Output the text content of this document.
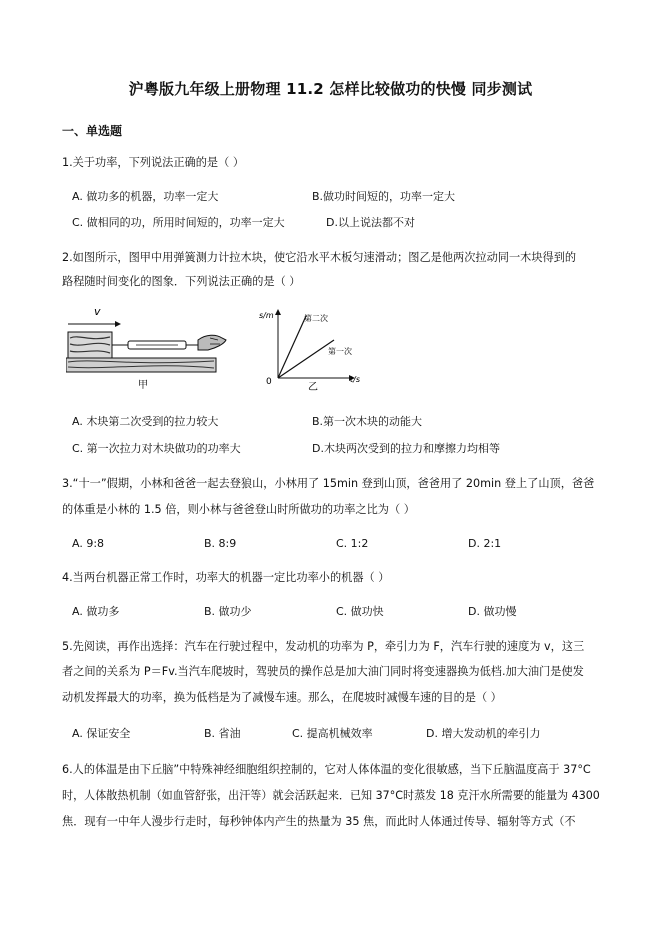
沪粤版九年级上册物理 11.2 怎样比较做功的快慢 同步测试
一、单选题
1.关于功率，下列说法正确的是（ ）
A. 做功多的机器，功率一定大	B.做功时间短的，功率一定大
C. 做相同的功，所用时间短的，功率一定大	D.以上说法都不对
2.如图所示，图甲中用弹簧测力计拉木块，使它沿水平木板匀速滑动；图乙是他两次拉动同一木块得到的
路程随时间变化的图象．下列说法正确的是（ ）
v
甲
s/m
t/s
0
第二次
第一次
乙
A. 木块第二次受到的拉力较大	B.第一次木块的动能大
C. 第一次拉力对木块做功的功率大	D.木块两次受到的拉力和摩擦力均相等
3.“十一”假期，小林和爸爸一起去登狼山，小林用了 15min 登到山顶，爸爸用了 20min 登上了山顶，爸爸
的体重是小林的 1.5 倍，则小林与爸爸登山时所做功的功率之比为（ ）
A. 9:8	B. 8:9	C. 1:2	D. 2:1
4.当两台机器正常工作时，功率大的机器一定比功率小的机器（ ）
A. 做功多	B. 做功少	C. 做功快	D. 做功慢
5.先阅读，再作出选择：汽车在行驶过程中，发动机的功率为 P，牵引力为 F，汽车行驶的速度为 v，这三
者之间的关系为 P＝Fv.当汽车爬坡时，驾驶员的操作总是加大油门同时将变速器换为低档.加大油门是使发
动机发挥最大的功率，换为低档是为了减慢车速。那么，在爬坡时减慢车速的目的是（ ）
A. 保证安全	B. 省油	C. 提高机械效率	D. 增大发动机的牵引力
6.人的体温是由下丘脑”中特殊神经细胞组织控制的，它对人体体温的变化很敏感，当下丘脑温度高于 37°C
时，人体散热机制（如血管舒张，出汗等）就会活跃起来．已知 37°C时蒸发 18 克汗水所需要的能量为 4300
焦．现有一中年人漫步行走时，每秒钟体内产生的热量为 35 焦，而此时人体通过传导、辐射等方式（不
